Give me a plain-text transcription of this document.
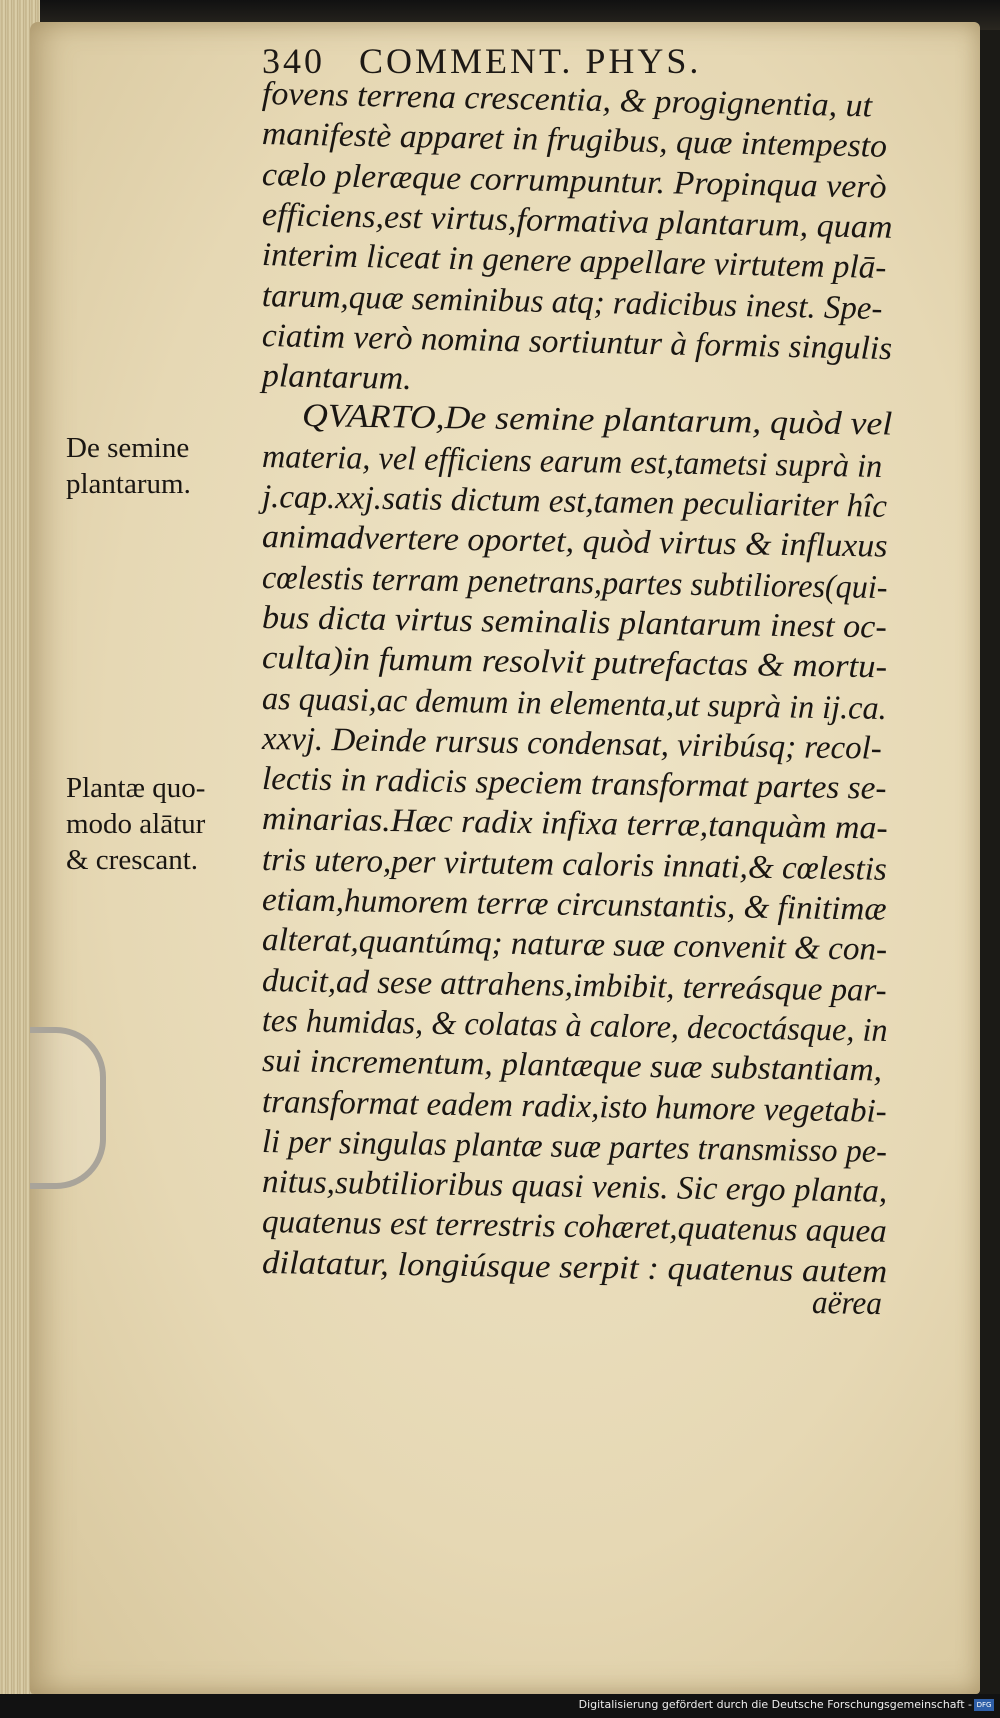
340 COMMENT. PHYS.
fovens terrena crescentia, & progignentia, ut
manifestè apparet in frugibus, quæ intempesto
cælo pleræque corrumpuntur. Propinqua verò
efficiens,est virtus,formativa plantarum, quam
interim liceat in genere appellare virtutem plā-
tarum,quæ seminibus atq; radicibus inest. Spe-
ciatim verò nomina sortiuntur à formis singulis
plantarum.
QVARTO,De semine plantarum, quòd vel
materia, vel efficiens earum est,tametsi suprà in
j.cap.xxj.satis dictum est,tamen peculiariter hîc
animadvertere oportet, quòd virtus & influxus
cœlestis terram penetrans,partes subtiliores(qui-
bus dicta virtus seminalis plantarum inest oc-
culta)in fumum resolvit putrefactas & mortu-
as quasi,ac demum in elementa,ut suprà in ij.ca.
xxvj. Deinde rursus condensat, viribúsq; recol-
lectis in radicis speciem transformat partes se-
minarias.Hæc radix infixa terræ,tanquàm ma-
tris utero,per virtutem caloris innati,& cœlestis
etiam,humorem terræ circunstantis, & finitimæ
alterat,quantúmq; naturæ suæ convenit & con-
ducit,ad sese attrahens,imbibit, terreásque par-
tes humidas, & colatas à calore, decoctásque, in
sui incrementum, plantæque suæ substantiam,
transformat eadem radix,isto humore vegetabi-
li per singulas plantæ suæ partes transmisso pe-
nitus,subtilioribus quasi venis. Sic ergo planta,
quatenus est terrestris cohæret,quatenus aquea
dilatatur, longiúsque serpit : quatenus autem
aërea
De semine
plantarum.
Plantæ quo-
modo alātur
& crescant.
Digitalisierung gefördert durch die Deutsche Forschungsgemeinschaft - DFG
